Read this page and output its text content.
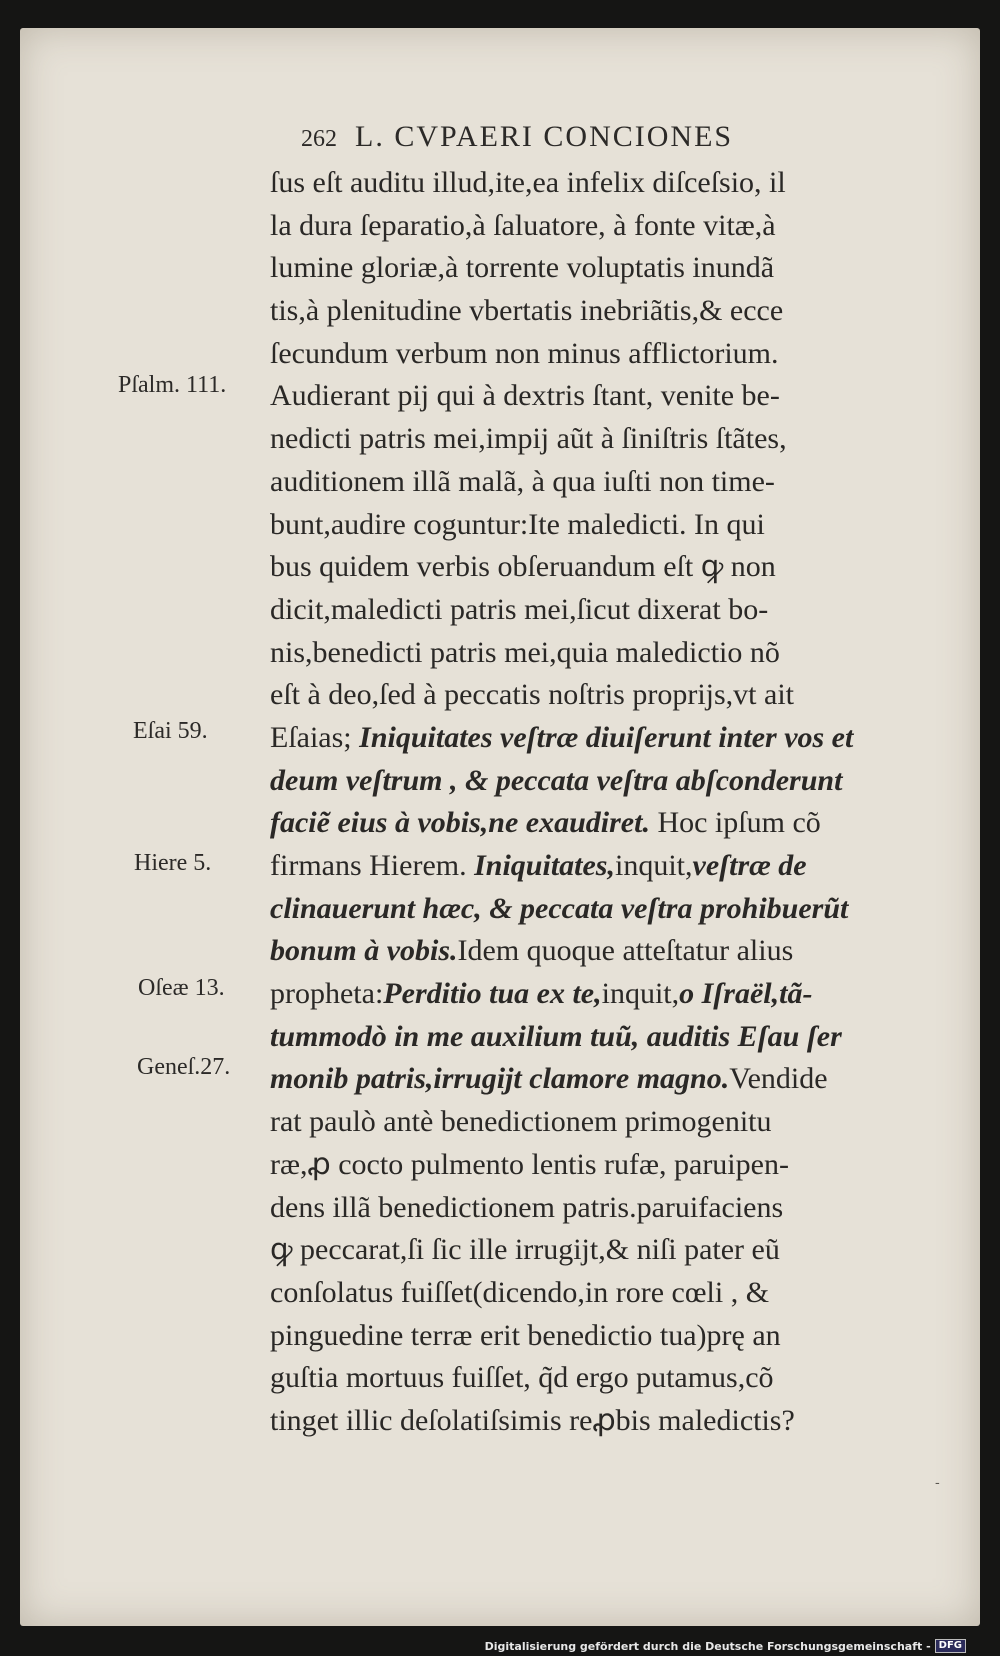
262 L. CVPAERI CONCIONES
ſus eſt auditu illud,ite,ea infelix diſceſsio, il
la dura ſeparatio,à ſaluatore, à fonte vitæ,à
lumine gloriæ,à torrente voluptatis inundã
tis,à plenitudine vbertatis inebriãtis,& ecce
ſecundum verbum non minus afflictorium.
Audierant pij qui à dextris ſtant, venite be-
nedicti patris mei,impij aũt à ſiniſtris ſtãtes,
auditionem illã malã, à qua iuſti non time-
bunt,audire coguntur:Ite maledicti. In qui
bus quidem verbis obſeruandum eſt ꝙ non
dicit,maledicti patris mei,ſicut dixerat bo-
nis,benedicti patris mei,quia maledictio nõ
eſt à deo,ſed à peccatis noſtris proprijs,vt ait
Eſaias; Iniquitates veſtræ diuiſerunt inter vos et
deum veſtrum , & peccata veſtra abſconderunt
faciẽ eius à vobis,ne exaudiret. Hoc ipſum cõ
firmans Hierem. Iniquitates,inquit,veſtræ de
clinauerunt hæc, & peccata veſtra prohibuerũt
bonum à vobis.Idem quoque atteſtatur alius
propheta:Perditio tua ex te,inquit,o Iſraël,tã-
tummodò in me auxilium tuũ, auditis Eſau ſer
monib patris,irrugijt clamore magno.Vendide
rat paulò antè benedictionem primogenitu
ræ,ꝓ cocto pulmento lentis rufæ, paruipen-
dens illã benedictionem patris.paruifaciens
ꝙ peccarat,ſi ſic ille irrugijt,& niſi pater eũ
conſolatus fuiſſet(dicendo,in rore cœli , &
pinguedine terræ erit benedictio tua)prę an
guſtia mortuus fuiſſet, q̃d ergo putamus,cõ
tinget illic deſolatiſsimis reꝓbis maledictis?
Pſalm. 111.
Eſai 59.
Hiere 5.
Oſeæ 13.
Geneſ.27.
-
Digitalisierung gefördert durch die Deutsche Forschungsgemeinschaft - DFG
